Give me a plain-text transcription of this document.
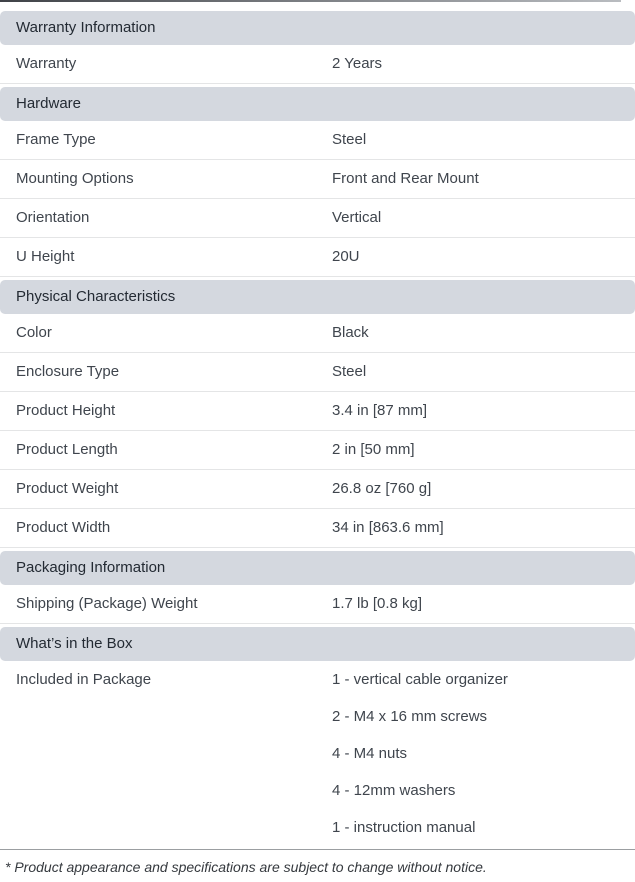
Warranty Information
Warranty	2 Years
Hardware
Frame Type	Steel
Mounting Options	Front and Rear Mount
Orientation	Vertical
U Height	20U
Physical Characteristics
Color	Black
Enclosure Type	Steel
Product Height	3.4 in [87 mm]
Product Length	2 in [50 mm]
Product Weight	26.8 oz [760 g]
Product Width	34 in [863.6 mm]
Packaging Information
Shipping (Package) Weight	1.7 lb [0.8 kg]
What’s in the Box
Included in Package	1 - vertical cable organizer
2 - M4 x 16 mm screws
4 - M4 nuts
4 - 12mm washers
1 - instruction manual
* Product appearance and specifications are subject to change without notice.
